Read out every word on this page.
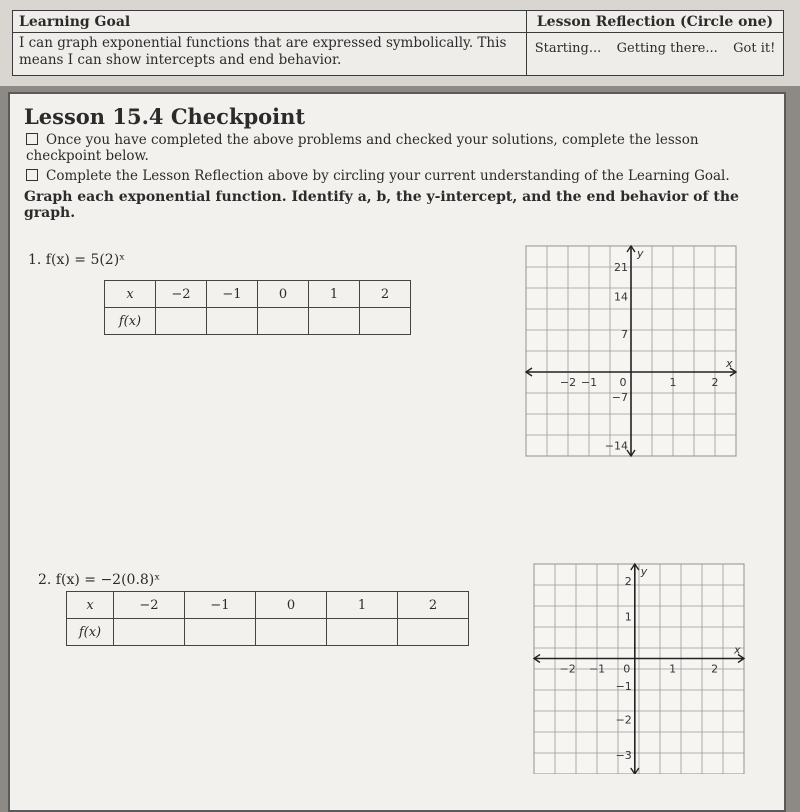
Learning Goal
I can graph exponential functions that are expressed symbolically. This means I can show intercepts and end behavior.
Lesson Reflection (Circle one)
Starting... Getting there... Got it!
Lesson 15.4 Checkpoint
Once you have completed the above problems and checked your solutions, complete the lesson checkpoint below.
Complete the Lesson Reflection above by circling your current understanding of the Learning Goal.
Graph each exponential function. Identify a, b, the y-intercept, and the end behavior of the graph.
1. f(x) = 5(2)ˣ
x	−2	−1	0	1	2
f(x)					
x
y
−2 −1 0	1	2
21
14
7
−7
−14
2. f(x) = −2(0.8)ˣ
x	−2	−1	0	1	2
f(x)					
x
y
−2 −1 0	1	2
2
1
−1
−2
−3
